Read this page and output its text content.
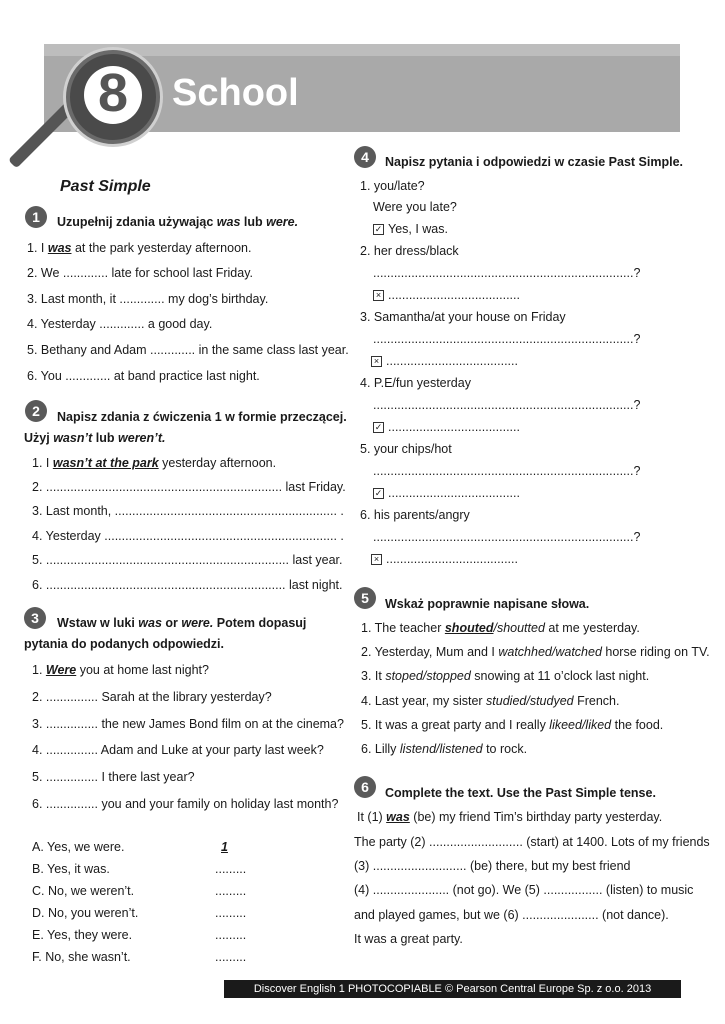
8	School
Past Simple
1	Uzupełnij zdania używając was lub were.
1. I was at the park yesterday afternoon.
2. We ............. late for school last Friday.
3. Last month, it ............. my dog’s birthday.
4. Yesterday ............. a good day.
5. Bethany and Adam ............. in the same class last year.
6. You ............. at band practice last night.
2	Napisz zdania z ćwiczenia 1 w formie przeczącej.
Użyj wasn’t lub weren’t.
1. I wasn’t at the park yesterday afternoon.
2. .................................................................... last Friday.
3. Last month, ................................................................ .
4. Yesterday ................................................................... .
5. ...................................................................... last year.
6. ..................................................................... last night.
3	Wstaw w luki was or were. Potem dopasuj
pytania do podanych odpowiedzi.
1. Were you at home last night?
2. ............... Sarah at the library yesterday?
3. ............... the new James Bond film on at the cinema?
4. ............... Adam and Luke at your party last week?
5. ............... I there last year?
6. ............... you and your family on holiday last month?
A. Yes, we were.	1
B. Yes, it was.	.........
C. No, we weren’t.	.........
D. No, you weren’t.	.........
E. Yes, they were.	.........
F. No, she wasn’t.	.........
4	Napisz pytania i odpowiedzi w czasie Past Simple.
1. you/late?
Were you late?
✓ Yes, I was.
2. her dress/black
...........................................................................?
× ......................................
3. Samantha/at your house on Friday
...........................................................................?
× ......................................
4. P.E/fun yesterday
...........................................................................?
✓ ......................................
5. your chips/hot
...........................................................................?
✓ ......................................
6. his parents/angry
...........................................................................?
× ......................................
5	Wskaż poprawnie napisane słowa.
1. The teacher shouted/shoutted at me yesterday.
2. Yesterday, Mum and I watchhed/watched horse riding on TV.
3. It stoped/stopped snowing at 11 o’clock last night.
4. Last year, my sister studied/studyed French.
5. It was a great party and I really likeed/liked the food.
6. Lilly listend/listened to rock.
6	Complete the text. Use the Past Simple tense.
It (1) was (be) my friend Tim’s birthday party yesterday.
The party (2) ........................... (start) at 1400. Lots of my friends
(3) ........................... (be) there, but my best friend
(4) ...................... (not go). We (5) ................. (listen) to music
and played games, but we (6) ...................... (not dance).
It was a great party.
Discover English 1 PHOTOCOPIABLE © Pearson Central Europe Sp. z o.o. 2013
